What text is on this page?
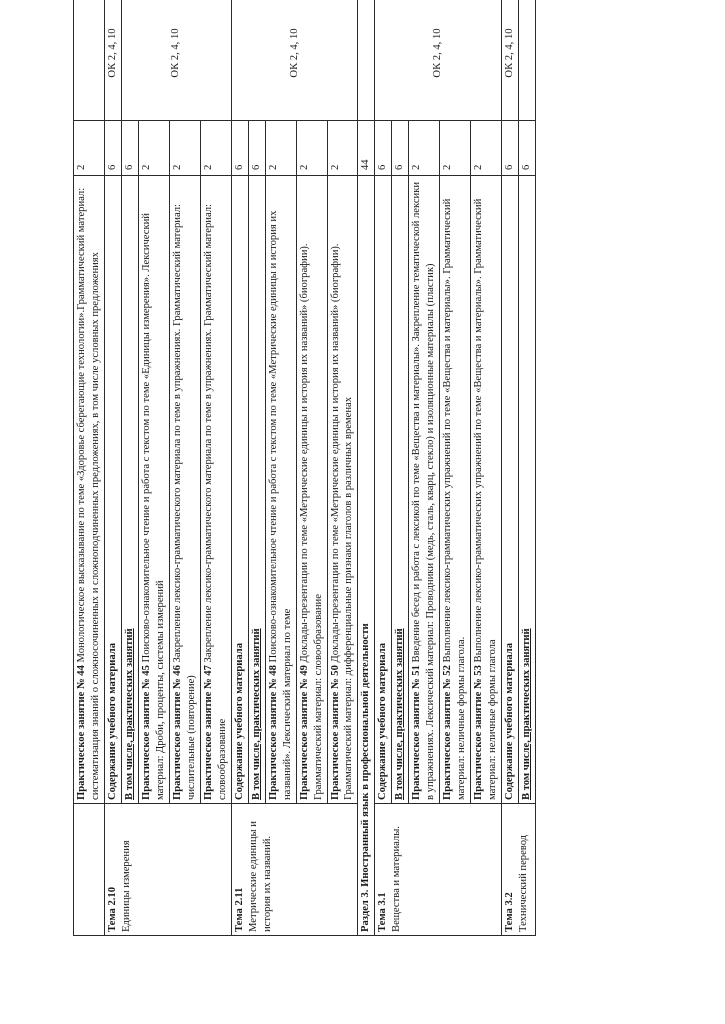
	Практическое занятие № 44 Монологическое высказывание по теме «Здоровье сберегающие технологии».Грамматический материал: систематизация знаний о сложносочиненных и сложноподчиненных предложениях, в том числе условных предложениях	2	
Тема 2.10 Единицы измерения	Содержание учебного материала	6	ОК 2, 4, 10
	В том числе, практических занятий	6	ОК 2, 4, 10
	Практическое занятие № 45 Поисково-ознакомительное чтение и работа с текстом по теме «Единицы измерения». Лексический материал: Дроби, проценты, системы измерений	2	
	Практическое занятие № 46 Закрепление лексико-грамматического материала по теме в упражнениях. Грамматический материал: числительные (повторение)	2	
	Практическое занятие № 47 Закрепление лексико-грамматического материала по теме в упражнениях. Грамматический материал: словообразование	2	
Тема 2.11 Метрические единицы и история их названий.	Содержание учебного материала	6	ОК 2, 4, 10
	В том числе, практических занятий	6	
	Практическое занятие № 48 Поисково-ознакомительное чтение и работа с текстом по теме «Метрические единицы и история их названий». Лексический материал по теме	2	
	Практическое занятие № 49 Доклады-презентации по теме «Метрические единицы и история их названий» (биографии). Грамматический материал: словообразование	2	
	Практическое занятие № 50 Доклады-презентации по теме «Метрические единицы и история их названий» (биографии). Грамматический материал: дифференциальные признаки глаголов в различных временах	2	
Раздел 3. Иностранный язык в профессиональной деятельности		44	
Тема 3.1 Вещества и материалы.	Содержание учебного материала	6	ОК 2, 4, 10
	В том числе, практических занятий	6	
	Практическое занятие № 51 Введение бесед и работа с лексикой по теме «Вещества и материалы». Закрепление тематической лексики в упражнениях. Лексический материал: Проводники (медь, сталь, кварц, стекло) и изоляционные материалы (пластик)	2	
	Практическое занятие № 52 Выполнение лексико-грамматических упражнений по теме «Вещества и материалы». Грамматический материал: неличные формы глагола.	2	
	Практическое занятие № 53 Выполнение лексико-грамматических упражнений по теме «Вещества и материалы». Грамматический материал: неличные формы глагола	2	
Тема 3.2 Технический перевод	Содержание учебного материала	6	ОК 2, 4, 10
	В том числе, практических занятий	6	
